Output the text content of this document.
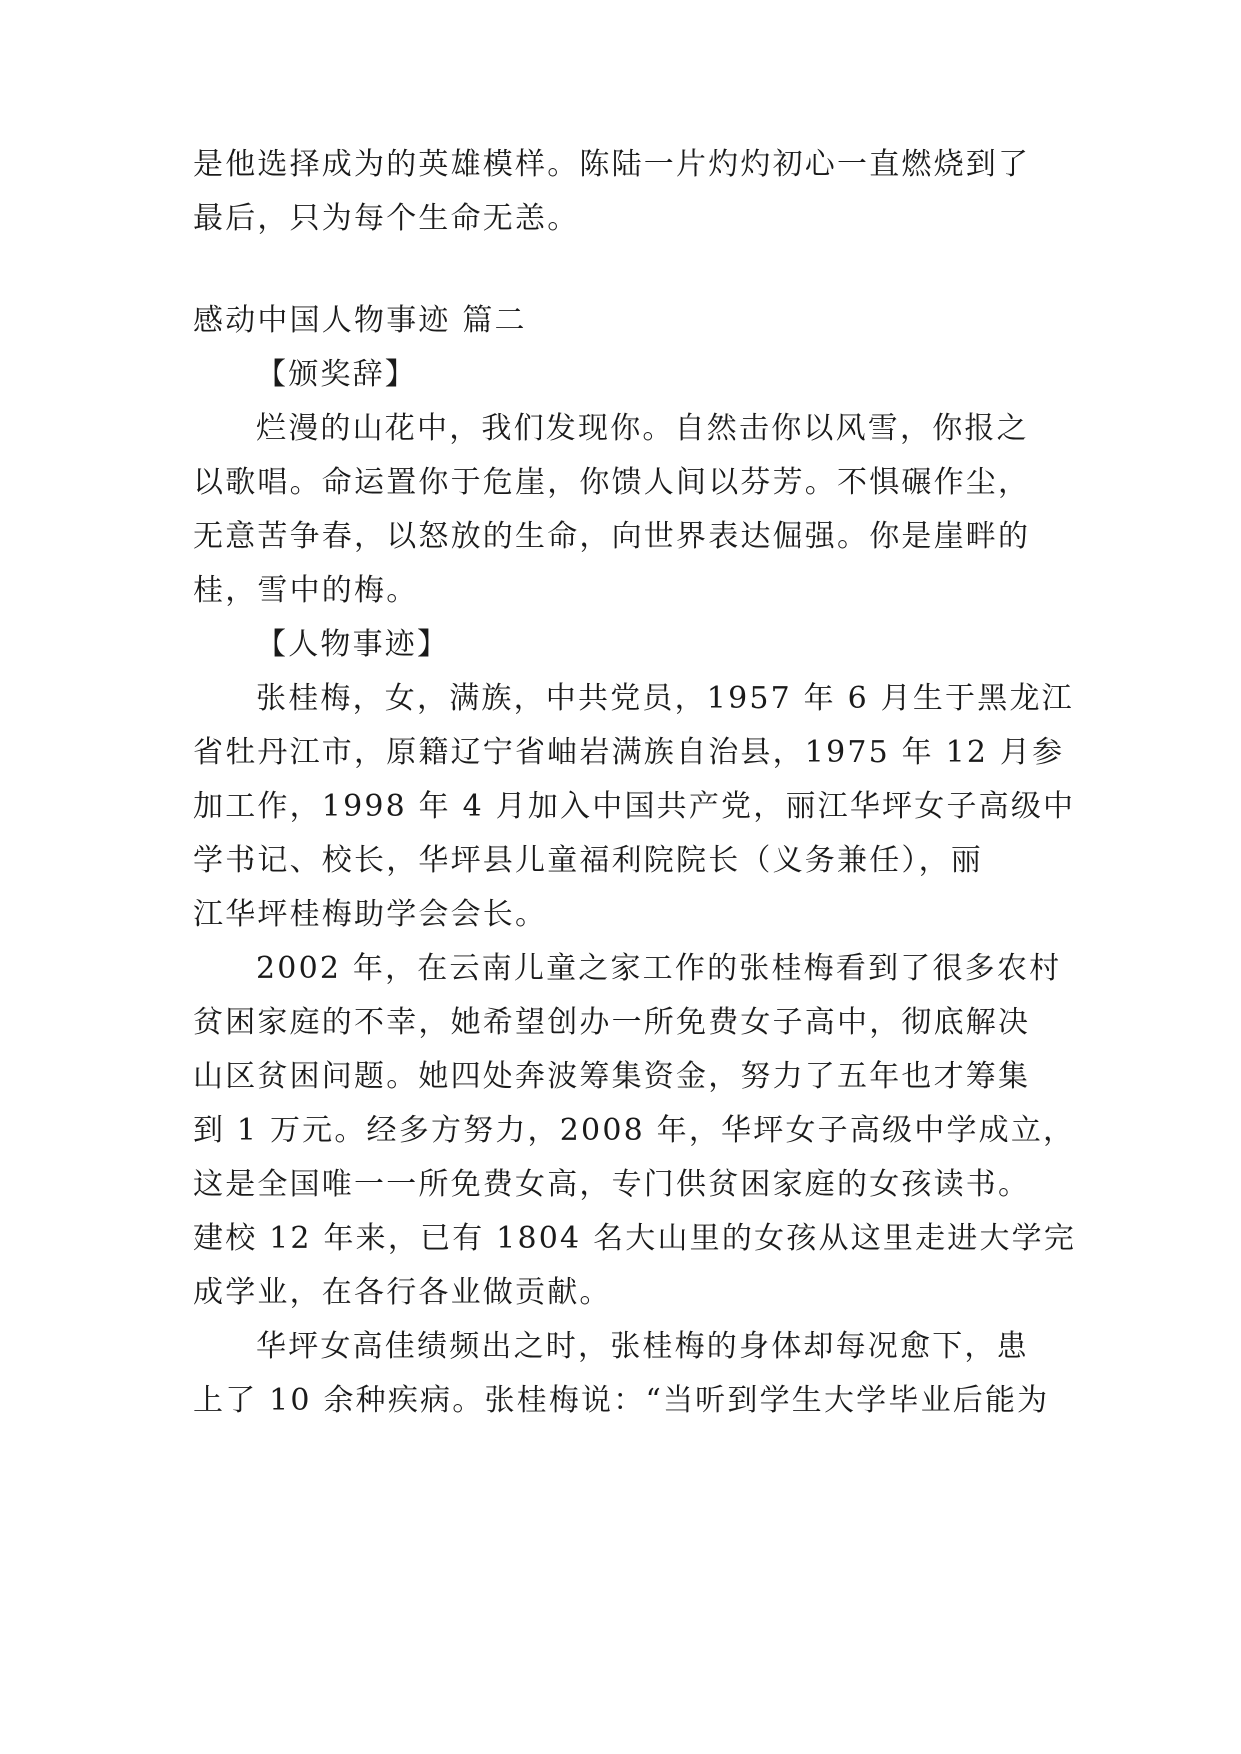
是他选择成为的英雄模样。陈陆一片灼灼初心一直燃烧到了
最后，只为每个生命无恙。
感动中国人物事迹 篇二
【颁奖辞】
烂漫的山花中，我们发现你。自然击你以风雪，你报之
以歌唱。命运置你于危崖，你馈人间以芬芳。不惧碾作尘，
无意苦争春，以怒放的生命，向世界表达倔强。你是崖畔的
桂，雪中的梅。
【人物事迹】
张桂梅，女，满族，中共党员，1957 年 6 月生于黑龙江
省牡丹江市，原籍辽宁省岫岩满族自治县，1975 年 12 月参
加工作，1998 年 4 月加入中国共产党，丽江华坪女子高级中
学书记、校长，华坪县儿童福利院院长（义务兼任），丽
江华坪桂梅助学会会长。
2002 年，在云南儿童之家工作的张桂梅看到了很多农村
贫困家庭的不幸，她希望创办一所免费女子高中，彻底解决
山区贫困问题。她四处奔波筹集资金，努力了五年也才筹集
到 1 万元。经多方努力，2008 年，华坪女子高级中学成立，
这是全国唯一一所免费女高，专门供贫困家庭的女孩读书。
建校 12 年来，已有 1804 名大山里的女孩从这里走进大学完
成学业，在各行各业做贡献。
华坪女高佳绩频出之时，张桂梅的身体却每况愈下，患
上了 10 余种疾病。张桂梅说：“当听到学生大学毕业后能为
